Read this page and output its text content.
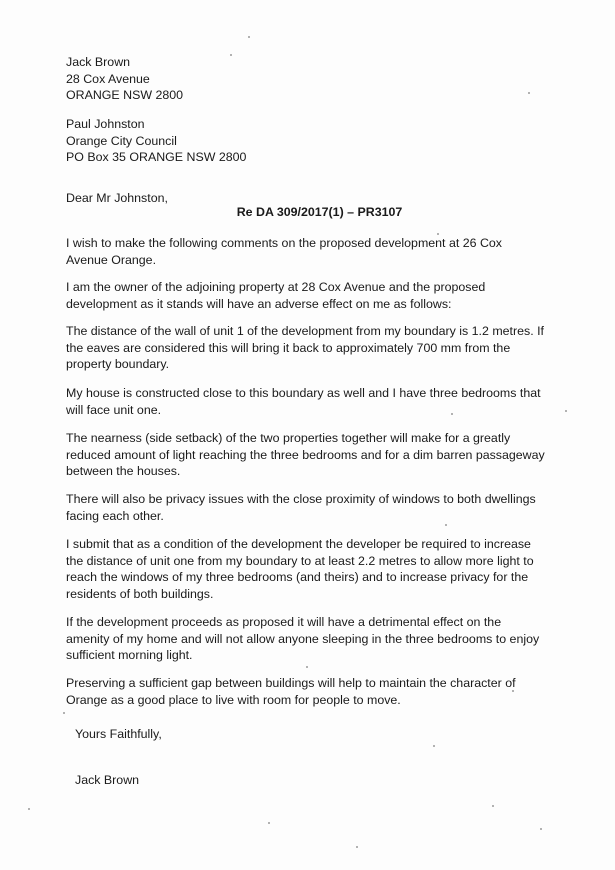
Jack Brown
28 Cox Avenue
ORANGE NSW 2800
Paul Johnston
Orange City Council
PO Box 35 ORANGE NSW 2800
Dear Mr Johnston,
Re DA 309/2017(1) – PR3107

I wish to make the following comments on the proposed development at 26 Cox Avenue Orange.

I am the owner of the adjoining property at 28 Cox Avenue and the proposed development as it stands will have an adverse effect on me as follows:

The distance of the wall of unit 1 of the development from my boundary is 1.2 metres. If the eaves are considered this will bring it back to approximately 700 mm from the property boundary.

My house is constructed close to this boundary as well and I have three bedrooms that will face unit one.

The nearness (side setback) of the two properties together will make for a greatly reduced amount of light reaching the three bedrooms and for a dim barren passageway between the houses.

There will also be privacy issues with the close proximity of windows to both dwellings facing each other.

I submit that as a condition of the development the developer be required to increase the distance of unit one from my boundary to at least 2.2 metres to allow more light to reach the windows of my three bedrooms (and theirs) and to increase privacy for the residents of both buildings.

If the development proceeds as proposed it will have a detrimental effect on the amenity of my home and will not allow anyone sleeping in the three bedrooms to enjoy sufficient morning light.

Preserving a sufficient gap between buildings will help to maintain the character of Orange as a good place to live with room for people to move.

Yours Faithfully,
Jack Brown
